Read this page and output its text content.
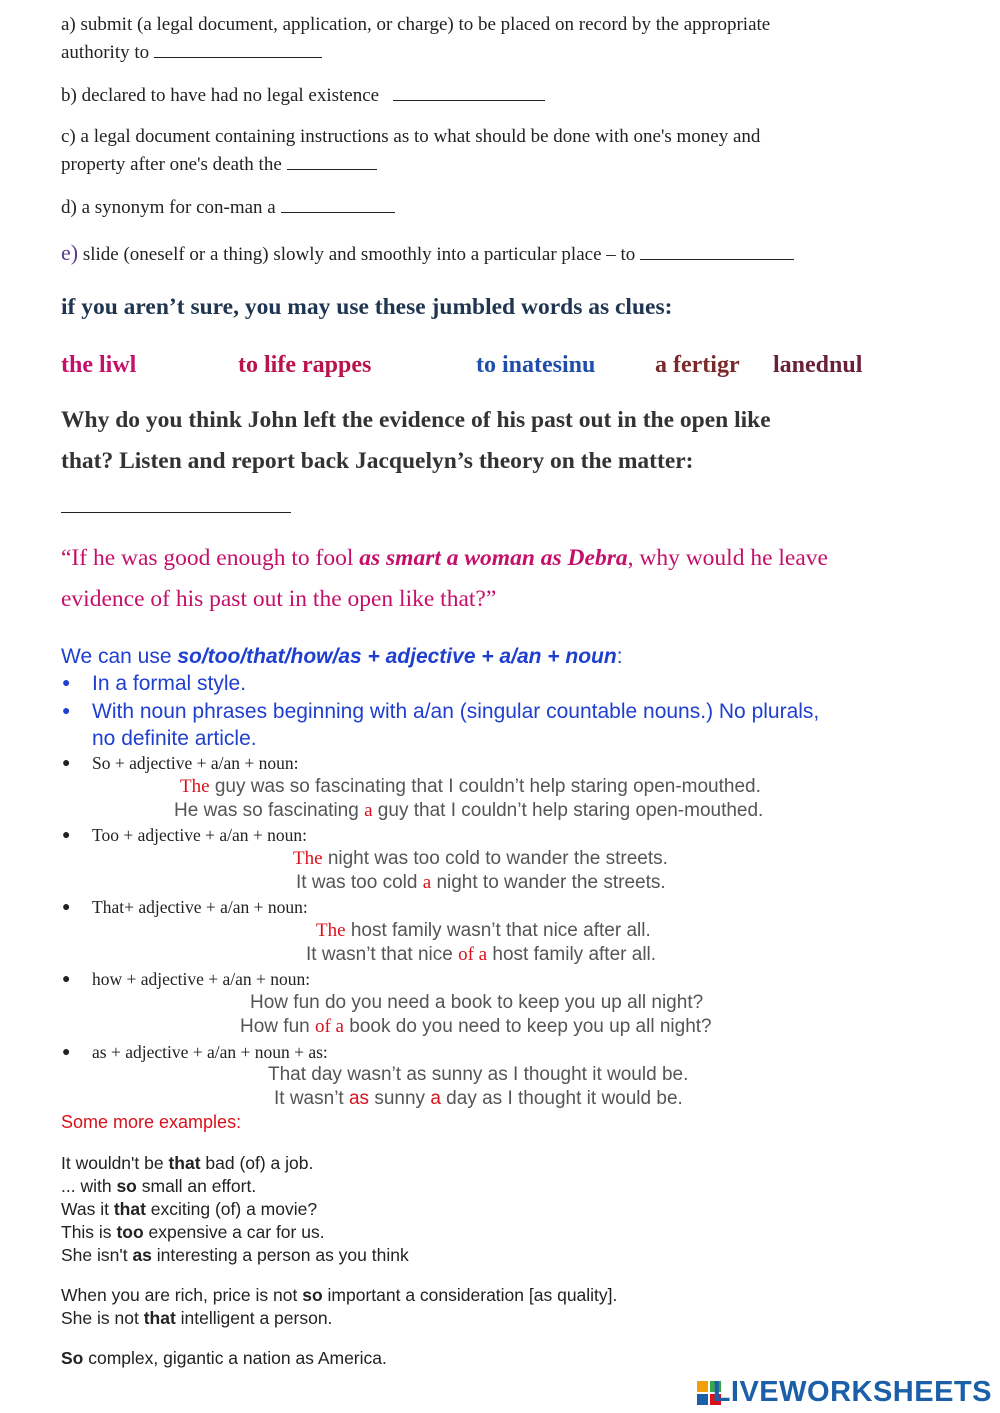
a) submit (a legal document, application, or charge) to be placed on record by the appropriate
authority to
b) declared to have had no legal existence
c) a legal document containing instructions as to what should be done with one's money and
property after one's death the
d) a synonym for con-man a
e) slide (oneself or a thing) slowly and smoothly into a particular place – to
if you aren’t sure, you may use these jumbled words as clues:
the liwl	to life rappes	to inatesinu a fertigr lanednul
Why do you think John left the evidence of his past out in the open like
that? Listen and report back Jacquelyn’s theory on the matter:
“If he was good enough to fool as smart a woman as Debra, why would he leave
evidence of his past out in the open like that?”
We can use so/too/that/how/as + adjective + a/an + noun:
● In a formal style.
● With noun phrases beginning with a/an (singular countable nouns.) No plurals,
no definite article.
● So + adjective + a/an + noun:
The guy was so fascinating that I couldn’t help staring open-mouthed.
He was so fascinating a guy that I couldn’t help staring open-mouthed.
● Too + adjective + a/an + noun:
The night was too cold to wander the streets.
It was too cold a night to wander the streets.
● That+ adjective + a/an + noun:
The host family wasn’t that nice after all.
It wasn’t that nice of a host family after all.
● how + adjective + a/an + noun:
How fun do you need a book to keep you up all night?
How fun of a book do you need to keep you up all night?
● as + adjective + a/an + noun + as:
That day wasn’t as sunny as I thought it would be.
It wasn’t as sunny a day as I thought it would be.
Some more examples:
It wouldn't be that bad (of) a job.
... with so small an effort.
Was it that exciting (of) a movie?
This is too expensive a car for us.
She isn't as interesting a person as you think
When you are rich, price is not so important a consideration [as quality].
She is not that intelligent a person.
So complex, gigantic a nation as America.
LIVEWORKSHEETS
